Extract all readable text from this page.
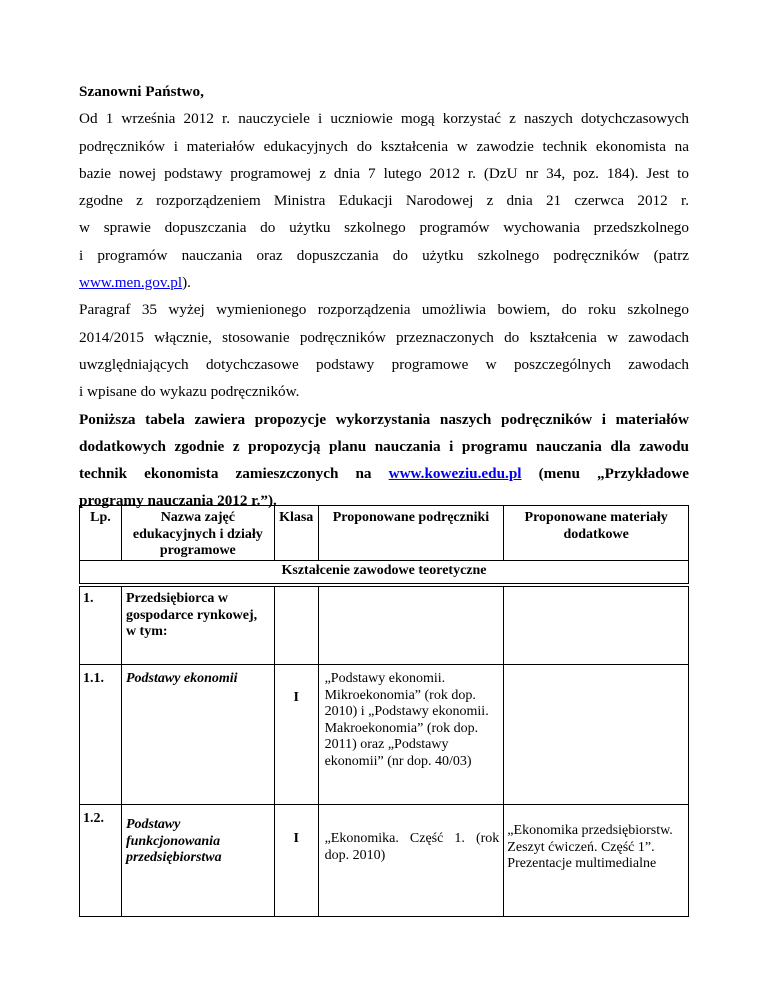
Szanowni Państwo,

Od 1 września 2012 r. nauczyciele i uczniowie mogą korzystać z naszych dotychczasowych

podręczników i materiałów edukacyjnych do kształcenia w zawodzie technik ekonomista na

bazie nowej podstawy programowej z dnia 7 lutego 2012 r. (DzU nr 34, poz. 184). Jest to

zgodne z rozporządzeniem Ministra Edukacji Narodowej z dnia 21 czerwca 2012 r.

w sprawie dopuszczania do użytku szkolnego programów wychowania przedszkolnego

i programów nauczania oraz dopuszczania do użytku szkolnego podręczników (patrz

www.men.gov.pl).

Paragraf 35 wyżej wymienionego rozporządzenia umożliwia bowiem, do roku szkolnego

2014/2015 włącznie, stosowanie podręczników przeznaczonych do kształcenia w zawodach

uwzględniających dotychczasowe podstawy programowe w poszczególnych zawodach

i wpisane do wykazu podręczników.

Poniższa tabela zawiera propozycje wykorzystania naszych podręczników i materiałów

dodatkowych zgodnie z propozycją planu nauczania i programu nauczania dla zawodu

technik ekonomista zamieszczonych na www.koweziu.edu.pl (menu „Przykładowe

programy nauczania 2012 r.”).

Lp.	Nazwa zajęć edukacyjnych i działy programowe	Klasa	Proponowane podręczniki	Proponowane materiały dodatkowe
Kształcenie zawodowe teoretyczne
1.	Przedsiębiorca w gospodarce rynkowej, w tym:			
1.1.	Podstawy ekonomii	I	„Podstawy ekonomii. Mikroekonomia” (rok dop. 2010) i „Podstawy ekonomii. Makroekonomia” (rok dop. 2011) oraz „Podstawy ekonomii” (nr dop. 40/03)	
1.2.	Podstawy funkcjonowania przedsiębiorstwa	I	„Ekonomika. Część 1. (rok dop. 2010)	„Ekonomika przedsiębiorstw. Zeszyt ćwiczeń. Część 1”. Prezentacje multimedialne
